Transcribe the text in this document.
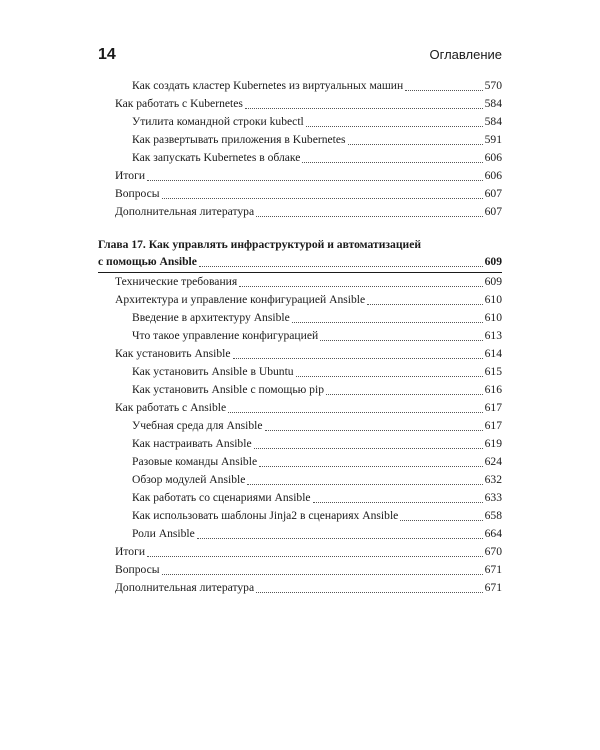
14	Оглавление
Как создать кластер Kubernetes из виртуальных машин	570
Как работать с Kubernetes	584
Утилита командной строки kubectl	584
Как развертывать приложения в Kubernetes	591
Как запускать Kubernetes в облаке	606
Итоги	606
Вопросы	607
Дополнительная литература	607
Глава 17. Как управлять инфраструктурой и автоматизацией
с помощью Ansible	609
Технические требования	609
Архитектура и управление конфигурацией Ansible	610
Введение в архитектуру Ansible	610
Что такое управление конфигурацией	613
Как установить Ansible	614
Как установить Ansible в Ubuntu	615
Как установить Ansible с помощью pip	616
Как работать с Ansible	617
Учебная среда для Ansible	617
Как настраивать Ansible	619
Разовые команды Ansible	624
Обзор модулей Ansible	632
Как работать со сценариями Ansible	633
Как использовать шаблоны Jinja2 в сценариях Ansible	658
Роли Ansible	664
Итоги	670
Вопросы	671
Дополнительная литература	671
